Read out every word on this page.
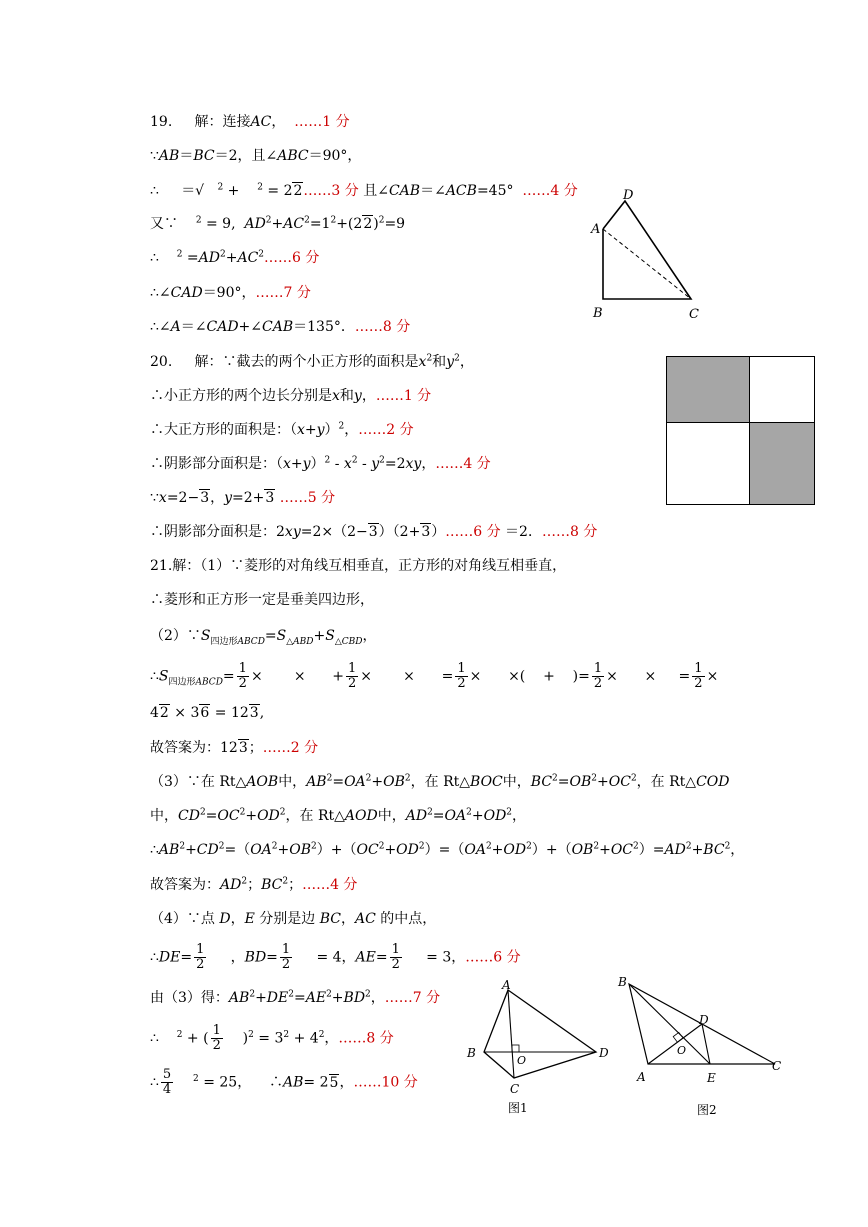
19. 解：连接AC， ……1 分
∵AB＝BC＝2，且∠ABC＝90°，
∴ ＝√ $^2$ +    $^2$ = 22……3 分 且∠CAB＝∠ACB=45° ……4 分
又∵ $^2$ = 9, $AD^2+AC^2=1^2+(22)^2=9$
∴ $^2 =AD^2+AC^2\dots\dots 6$ 分
∴∠CAD＝90°，……7 分
∴∠A＝∠CAD+∠CAB＝135°．……8 分
A
B	C
D
20. 解：∵截去的两个小正方形的面积是$x^2$和$y^2$，
∴小正方形的两个边长分别是x和y，……1 分
∴大正方形的面积是：$(x+y)^2$，……2 分
∴阴影部分面积是：$(x+y)^2 - x^2 - y^2=2xy$，……4 分
∵x=2−3，y=2+3 ……5 分
∴阴影部分面积是：2xy=2×（2−3）（2+3）……6 分 ＝2．……8 分
21.解：（1）∵菱形的对角线互相垂直，正方形的对角线互相垂直，
∴菱形和正方形一定是垂美四边形，
$(2)\because S_{四边形ABCD}=S_{\triangle ABD}+S_{\triangle CBD}$，
$\therefore S_{四边形ABCD}= \frac{1}{2}$ × × + $\frac{1}{2}$ × × = $\frac{1}{2}$ × ×( + )= $\frac{1}{2}$ × × = $\frac{1}{2}$ ×
42 × 36 = 123,
故答案为：123；……2 分
（3）∵在 Rt△AOB中，$AB^2=OA^2+OB^2$，在 Rt△BOC中，$BC^2=OB^2+OC^2$，在 Rt△COD
中，$CD^2=OC^2+OD^2$，在 Rt△AOD中，$AD^2=OA^2+OD^2$，
$\therefore AB^2+CD^2=(OA^2+OB^2)+(OC^2+OD^2)=(OA^2+OD^2)+(OB^2+OC^2)=AD^2+BC^2$，
故答案为：$AD^2$；$BC^2$；……4 分
（4）∵点 D，E 分别是边 BC，AC 的中点，
∴DE= $\frac{1}{2}$ ，$BD= \frac{1}{2} = 4$，$AE= \frac{1}{2} = 3$，……6 分
由（3）得：$AB^2+DE^2=AE^2+BD^2$，……7 分
∴ $^2$ + ( $\frac{1}{2} )^2 = 3^2 + 4^2$，……8 分
∴ $\frac{5}{4} ^2 = 25$， ∴AB= 25，……10 分
A
B
C
D
O
图1
B
A
C
D
E
O
图2
